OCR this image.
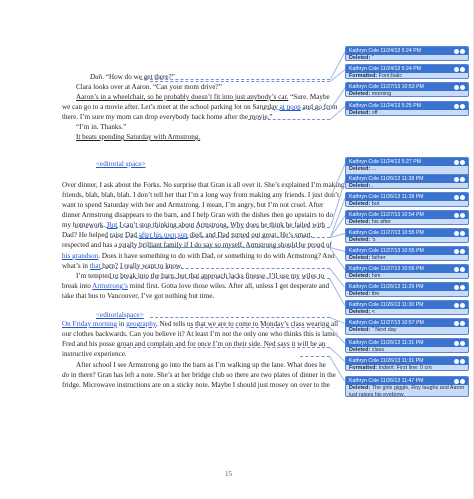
Duh. “How do we get there?”
Clara looks over at Aaron. “Can your mom drive?”
Aaron’s in a wheelchair, so he probably doesn’t fit into just anybody’s car. “Sure. Maybe
we can go to a movie after. Let’s meet at the school parking lot on Saturday at noon and go from
there. I’m sure my mom can drop everybody back home after the movie.”
“I’m in. Thanks.”
It beats spending Saturday with Armstrong.
<editorial space>
Over dinner, I ask about the Forks. No surprise that Gran is all over it. She’s explained I’m making
friends, blah, blah, blah. I don’t tell her that I’m a long way from making any friends. I just don’t
want to spend Saturday with her and Armstrong. I mean, I’m angry, but I’m not cruel. After
dinner Armstrong disappears to the barn, and I help Gran with the dishes then go upstairs to do
my homework. But I can’t stop thinking about Armstrong. Why does he think he failed with
Dad? He helped raise Dad after his own son died, and Dad turned out great. He’s smart,
respected and has a totally brilliant family if I do say so myself. Armstrong should be proud of
his grandson. Does it have something to do with Dad, or something to do with Armstrong? And
what’s in that barn? I really want to know.
I’m tempted to break into the barn, but that approach lacks finesse. I’ll use my wiles to
break into Armstrong’s mind first. Gotta love those wiles. After all, unless I get desperate and
take that bus to Vancouver, I’ve got nothing but time.
<editorialspace>
On Friday morning in geography, Ned tells us that we are to come to Monday’s class wearing all
our clothes backwards. Can you believe it? At least I’m not the only one who thinks this is lame;
Fred and his posse groan and complain and for once I’m on their side. Ned says it will be an
instructive experience.
After school I see Armstrong go into the barn as I’m walking up the lane. What does he
do in there? Gran has left a note. She’s at her bridge club so there are two plates of dinner in the
fridge. Microwave instructions are on a sticky note. Maybe I should just mosey on over to the
Kathryn Cole 11/24/13 5:24 PM
Deleted: ”
Kathryn Cole 11/24/13 5:24 PM
Formatted: Font:Italic
Kathryn Cole 11/27/13 10:53 PM
Deleted: morning
Kathryn Cole 11/24/13 5:25 PM
Deleted: off
Kathryn Cole 11/24/13 5:27 PM
Deleted: ...
Kathryn Cole 11/26/13 11:28 PM
Deleted: ,
Kathryn Cole 11/26/13 11:28 PM
Deleted: but
Kathryn Cole 11/27/13 10:54 PM
Deleted: his after
Kathryn Cole 11/27/13 10:55 PM
Deleted: 's
Kathryn Cole 11/27/13 10:55 PM
Deleted: father
Kathryn Cole 11/27/13 10:56 PM
Deleted: him
Kathryn Cole 11/26/13 11:29 PM
Deleted: the
Kathryn Cole 11/26/13 11:30 PM
Deleted: <
Kathryn Cole 11/27/13 10:57 PM
Deleted: " Next day
Kathryn Cole 11/26/13 11:31 PM
Deleted: class
Kathryn Cole 11/26/13 11:31 PM
Formatted: Indent: First line: 0 cm
Kathryn Cole 11/26/13 11:47 PM
Deleted: The girls giggle, Roy laughs and Aaron just raises his eyebrow.
15
